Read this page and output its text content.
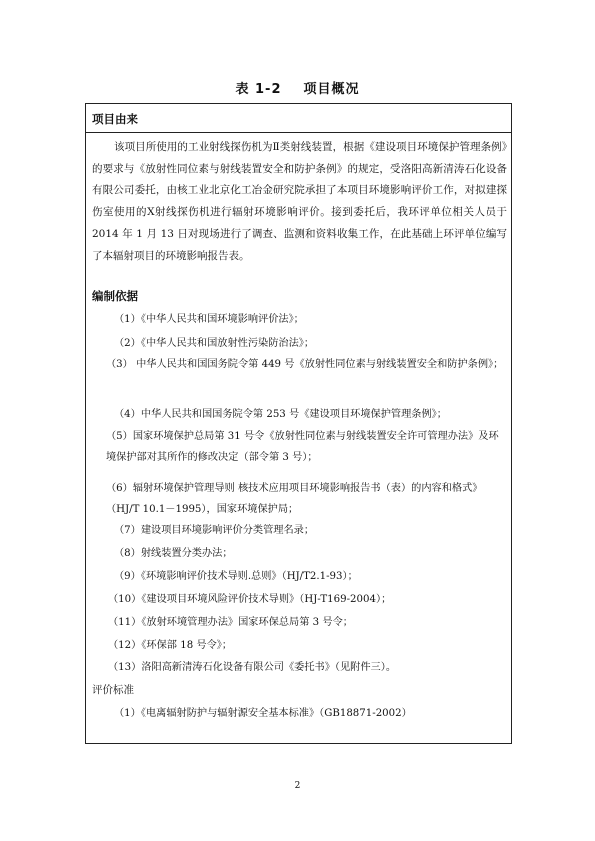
表 1-2 项目概况
项目由来
该项目所使用的工业射线探伤机为Ⅱ类射线装置，根据《建设项目环境保护管理条例》的要求与《放射性同位素与射线装置安全和防护条例》的规定，受洛阳高新清涛石化设备有限公司委托，由核工业北京化工冶金研究院承担了本项目环境影响评价工作，对拟建探伤室使用的X射线探伤机进行辐射环境影响评价。接到委托后，我环评单位相关人员于 2014 年 1 月 13 日对现场进行了调查、监测和资料收集工作，在此基础上环评单位编写了本辐射项目的环境影响报告表。
编制依据
（1）《中华人民共和国环境影响评价法》；
（2）《中华人民共和国放射性污染防治法》；
（3） 中华人民共和国国务院令第 449 号《放射性同位素与射线装置安全和防护条例》；
（4）中华人民共和国国务院令第 253 号《建设项目环境保护管理条例》；
（5）国家环境保护总局第 31 号令《放射性同位素与射线装置安全许可管理办法》及环境保护部对其所作的修改决定（部令第 3 号）；
（6）辐射环境保护管理导则 核技术应用项目环境影响报告书（表）的内容和格式》（HJ/T 10.1－1995），国家环境保护局；
（7）建设项目环境影响评价分类管理名录；
（8）射线装置分类办法；
（9）《环境影响评价技术导则.总则》（HJ/T2.1-93）；
（10）《建设项目环境风险评价技术导则》（HJ-T169-2004）；
（11）《放射环境管理办法》国家环保总局第 3 号令；
（12）《环保部 18 号令》；
（13）洛阳高新清涛石化设备有限公司《委托书》（见附件三）。
评价标准
（1）《电离辐射防护与辐射源安全基本标准》（GB18871-2002）
2
